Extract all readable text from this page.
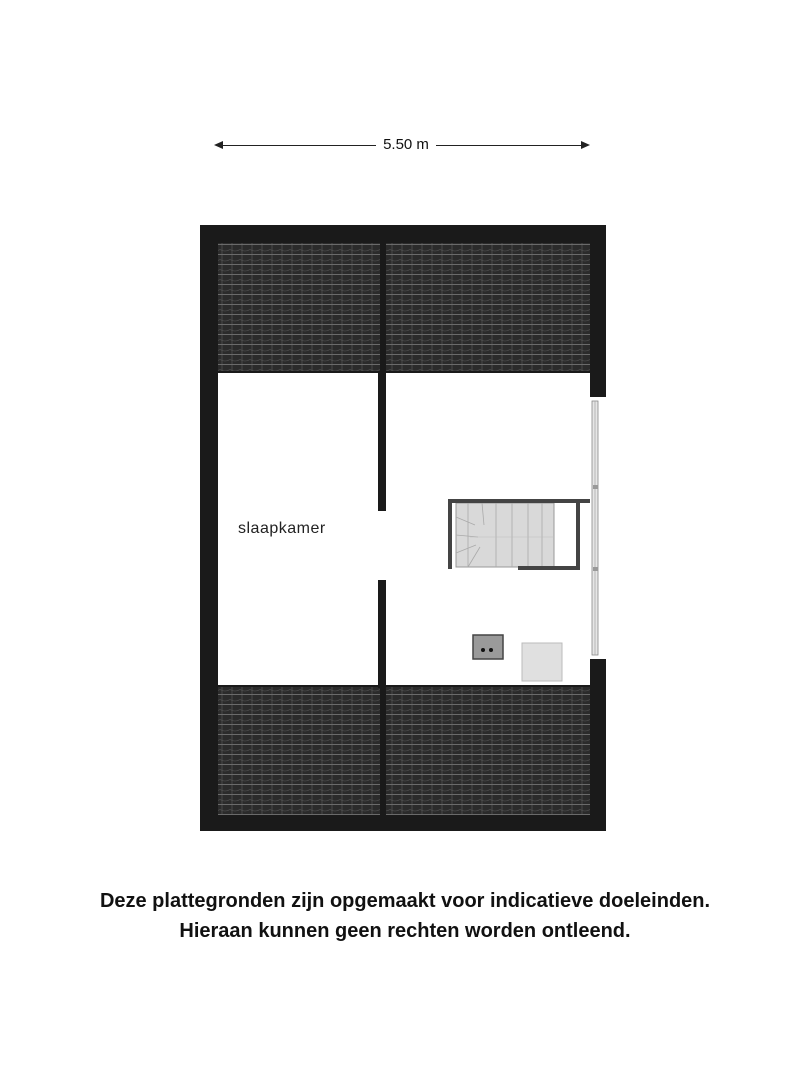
5.50 m
slaapkamer
Deze plattegronden zijn opgemaakt voor indicatieve doeleinden.
Hieraan kunnen geen rechten worden ontleend.
